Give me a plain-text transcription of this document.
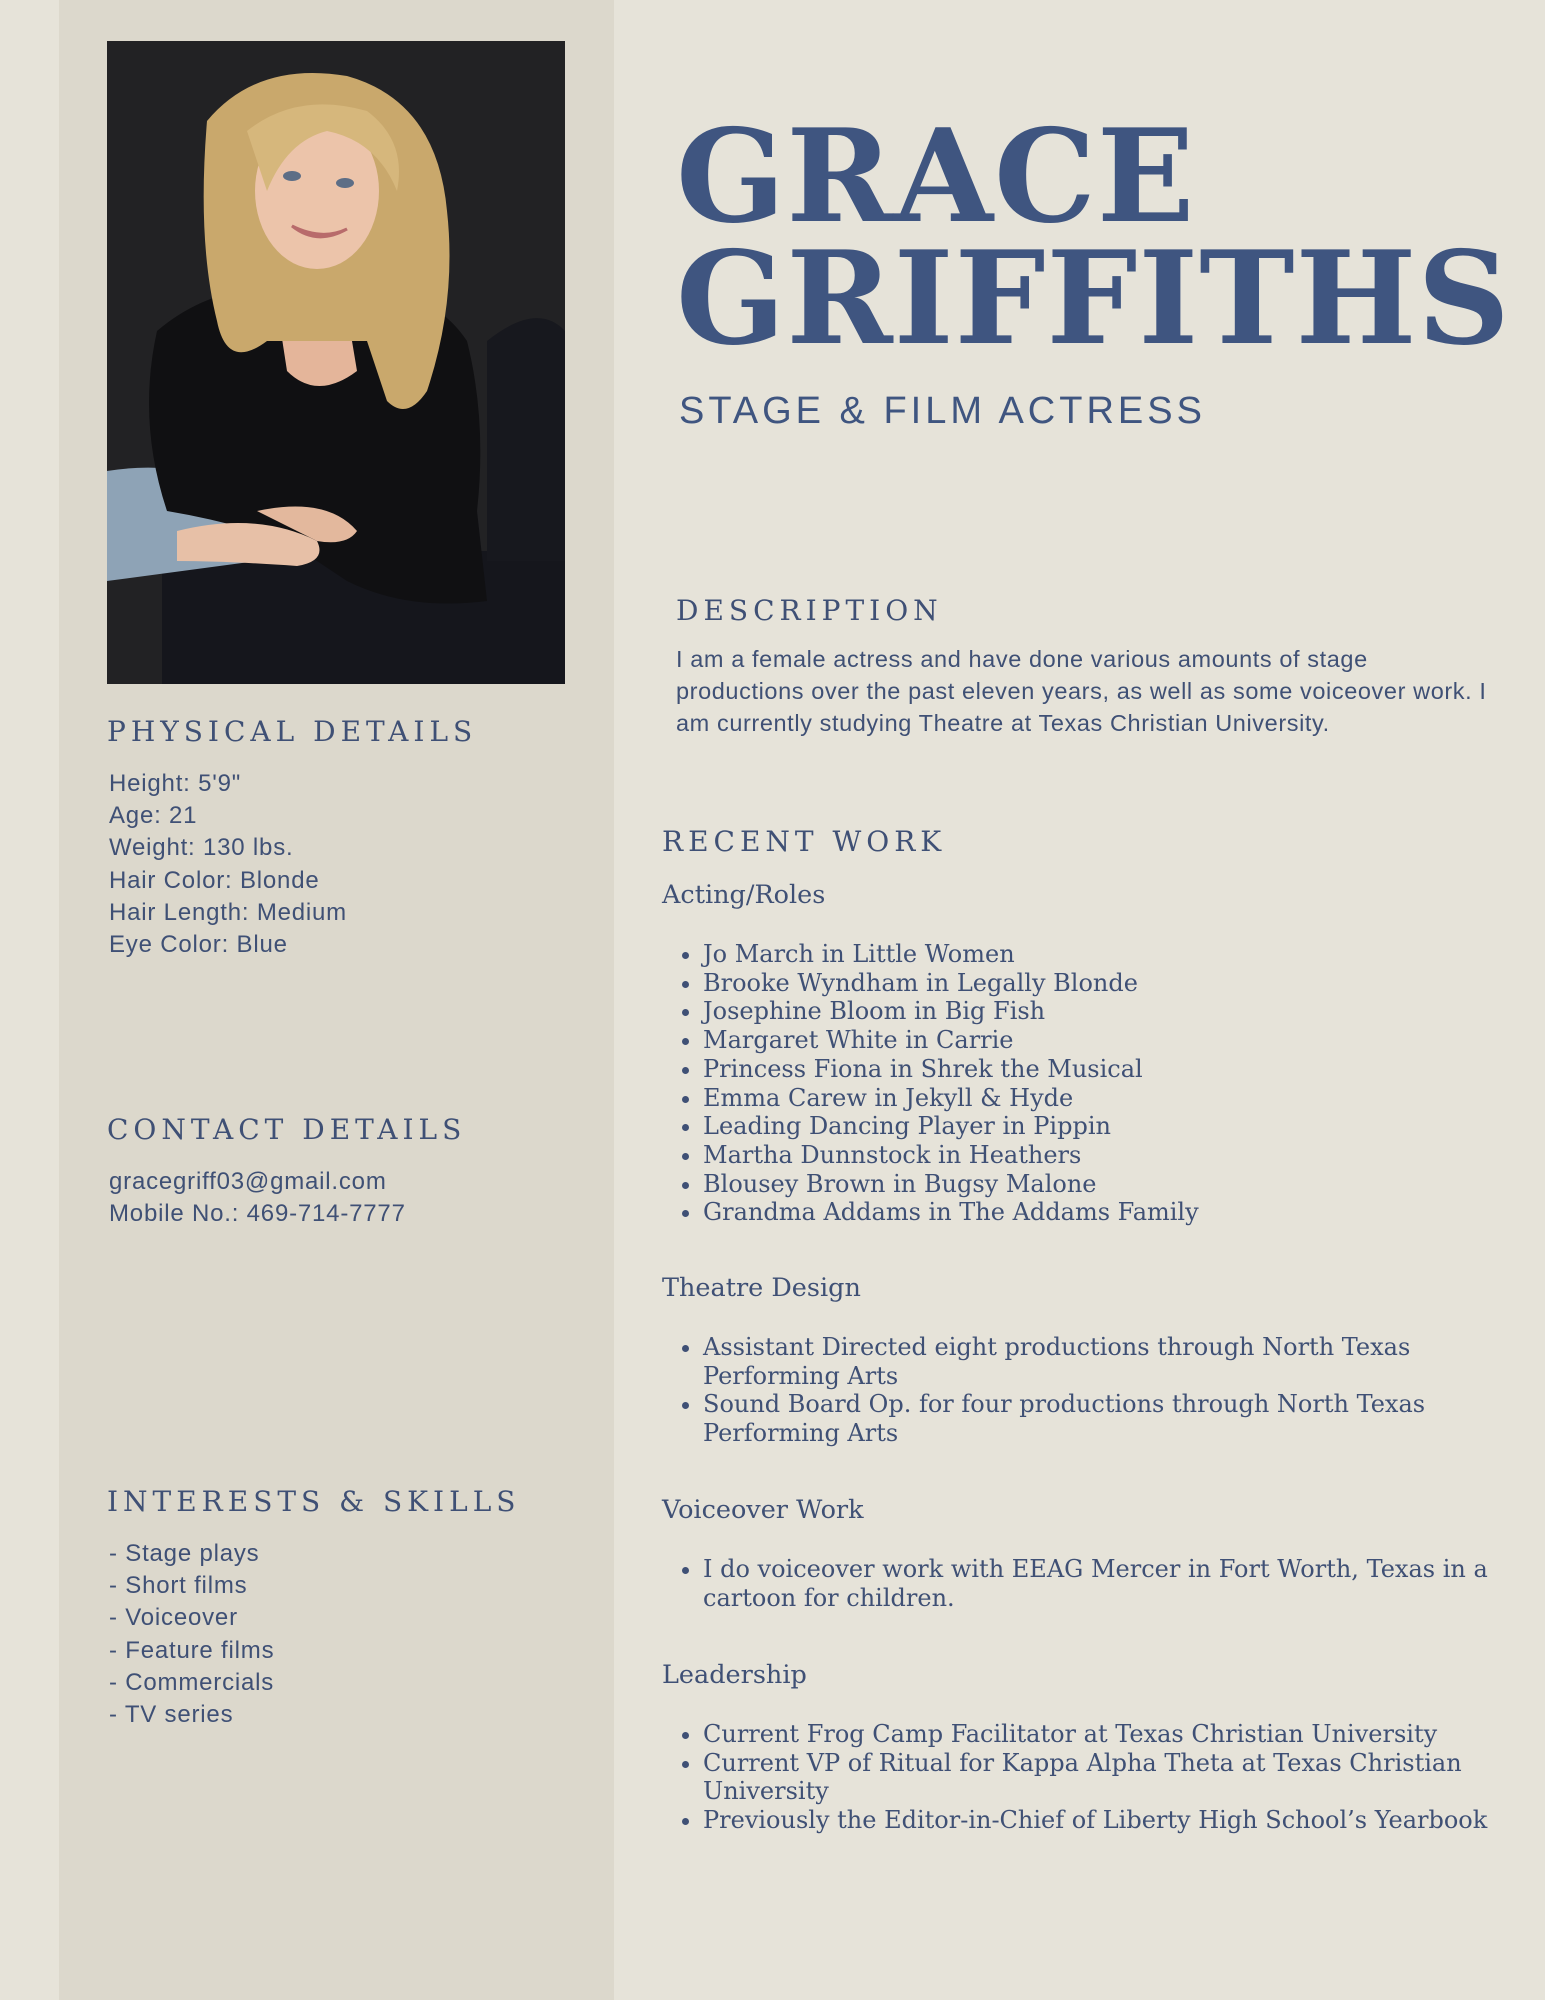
PHYSICAL DETAILS
Height: 5'9"
Age: 21
Weight: 130 lbs.
Hair Color: Blonde
Hair Length: Medium
Eye Color: Blue
CONTACT DETAILS
gracegriff03@gmail.com
Mobile No.: 469-714-7777
INTERESTS & SKILLS
- Stage plays
- Short films
- Voiceover
- Feature films
- Commercials
- TV series
GRACE
GRIFFITHS
STAGE & FILM ACTRESS
DESCRIPTION
I am a female actress and have done various amounts of stage productions over the past eleven years, as well as some voiceover work. I am currently studying Theatre at Texas Christian University.
RECENT WORK
Acting/Roles
• Jo March in Little Women
• Brooke Wyndham in Legally Blonde
• Josephine Bloom in Big Fish
• Margaret White in Carrie
• Princess Fiona in Shrek the Musical
• Emma Carew in Jekyll & Hyde
• Leading Dancing Player in Pippin
• Martha Dunnstock in Heathers
• Blousey Brown in Bugsy Malone
• Grandma Addams in The Addams Family
Theatre Design
• Assistant Directed eight productions through North Texas Performing Arts
• Sound Board Op. for four productions through North Texas Performing Arts
Voiceover Work
• I do voiceover work with EEAG Mercer in Fort Worth, Texas in a cartoon for children.
Leadership
• Current Frog Camp Facilitator at Texas Christian University
• Current VP of Ritual for Kappa Alpha Theta at Texas Christian University
• Previously the Editor-in-Chief of Liberty High School’s Yearbook
